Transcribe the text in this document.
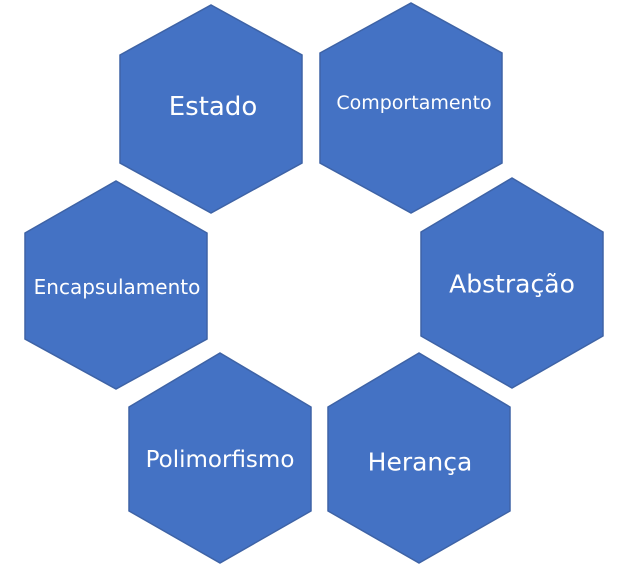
Estado	Comportamento
Abstração
Herança
Polimorfismo
Encapsulamento
